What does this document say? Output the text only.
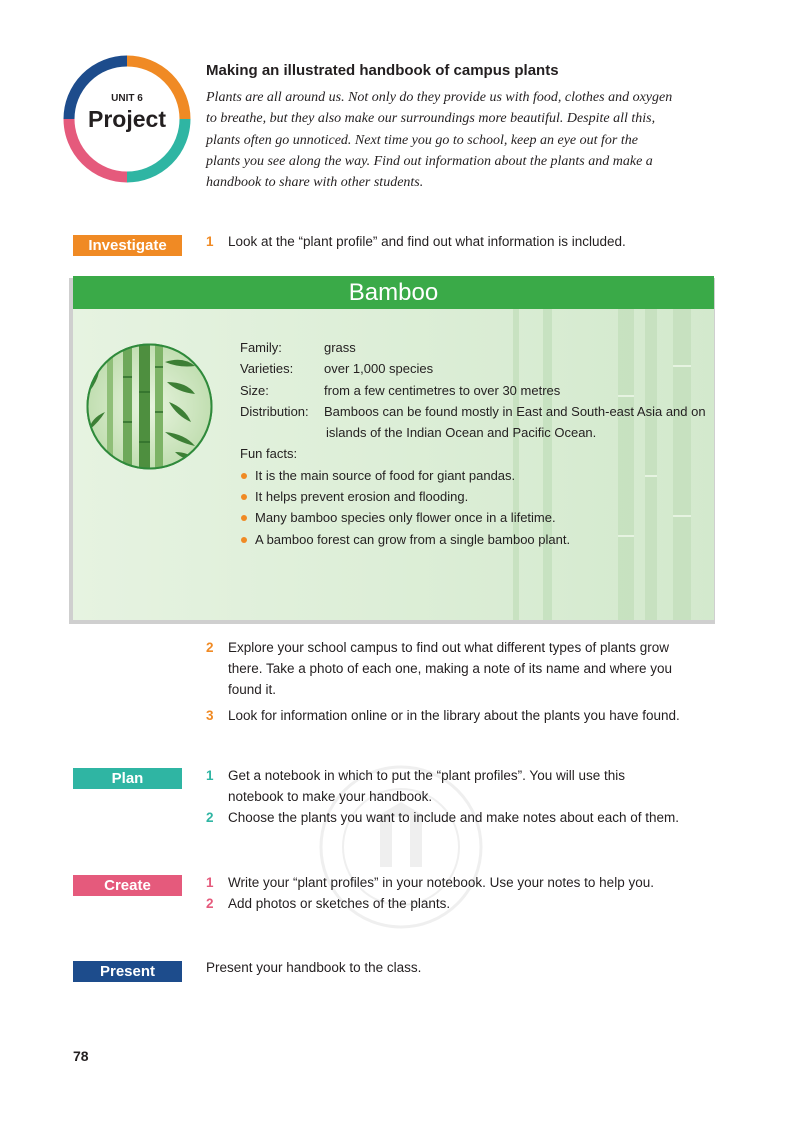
UNIT 6
Project
Making an illustrated handbook of campus plants
Plants are all around us. Not only do they provide us with food, clothes and oxygen
to breathe, but they also make our surroundings more beautiful. Despite all this,
plants often go unnoticed. Next time you go to school, keep an eye out for the
plants you see along the way. Find out information about the plants and make a
handbook to share with other students.
Investigate	1 Look at the “plant profile” and find out what information is included.
Bamboo
Family:	grass
Varieties: over 1,000 species
Size:	from a few centimetres to over 30 metres
Distribution: Bamboos can be found mostly in East and South-east Asia and on
islands of the Indian Ocean and Pacific Ocean.
Fun facts:
It is the main source of food for giant pandas.
It helps prevent erosion and flooding.
Many bamboo species only flower once in a lifetime.
A bamboo forest can grow from a single bamboo plant.
2 Explore your school campus to find out what different types of plants grow
there. Take a photo of each one, making a note of its name and where you
found it.
3 Look for information online or in the library about the plants you have found.
Plan	1 Get a notebook in which to put the “plant profiles”. You will use this
notebook to make your handbook.
2 Choose the plants you want to include and make notes about each of them.
Create	1 Write your “plant profiles” in your notebook. Use your notes to help you.
2 Add photos or sketches of the plants.
Present	Present your handbook to the class.
78
